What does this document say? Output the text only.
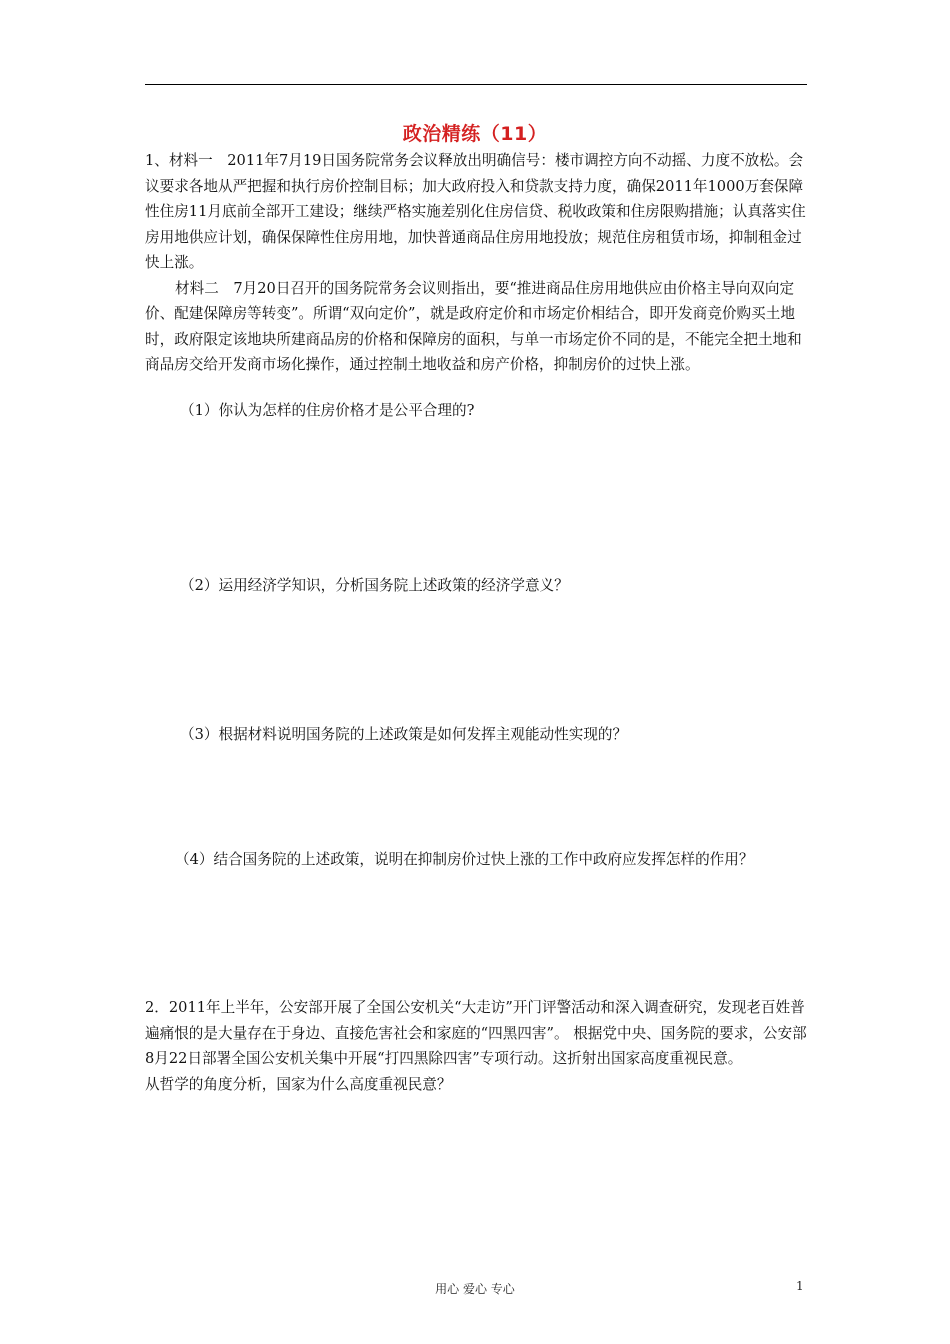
政治精练（11）

1、材料一　2011年7月19日国务院常务会议释放出明确信号：楼市调控方向不动摇、力度不放松。会议要求各地从严把握和执行房价控制目标；加大政府投入和贷款支持力度，确保2011年1000万套保障性住房11月底前全部开工建设；继续严格实施差别化住房信贷、税收政策和住房限购措施；认真落实住房用地供应计划，确保保障性住房用地，加快普通商品住房用地投放；规范住房租赁市场，抑制租金过快上涨。

材料二　7月20日召开的国务院常务会议则指出，要“推进商品住房用地供应由价格主导向双向定价、配建保障房等转变”。所谓“双向定价”，就是政府定价和市场定价相结合，即开发商竞价购买土地时，政府限定该地块所建商品房的价格和保障房的面积，与单一市场定价不同的是，不能完全把土地和商品房交给开发商市场化操作，通过控制土地收益和房产价格，抑制房价的过快上涨。

（1）你认为怎样的住房价格才是公平合理的?
（2）运用经济学知识，分析国务院上述政策的经济学意义？
（3）根据材料说明国务院的上述政策是如何发挥主观能动性实现的？
（4）结合国务院的上述政策，说明在抑制房价过快上涨的工作中政府应发挥怎样的作用？

2．2011年上半年，公安部开展了全国公安机关“大走访”开门评警活动和深入调查研究，发现老百姓普遍痛恨的是大量存在于身边、直接危害社会和家庭的“四黑四害”。 根据党中央、国务院的要求，公安部8月22日部署全国公安机关集中开展“打四黑除四害”专项行动。这折射出国家高度重视民意。

从哲学的角度分析，国家为什么高度重视民意？

用心 爱心 专心	1
